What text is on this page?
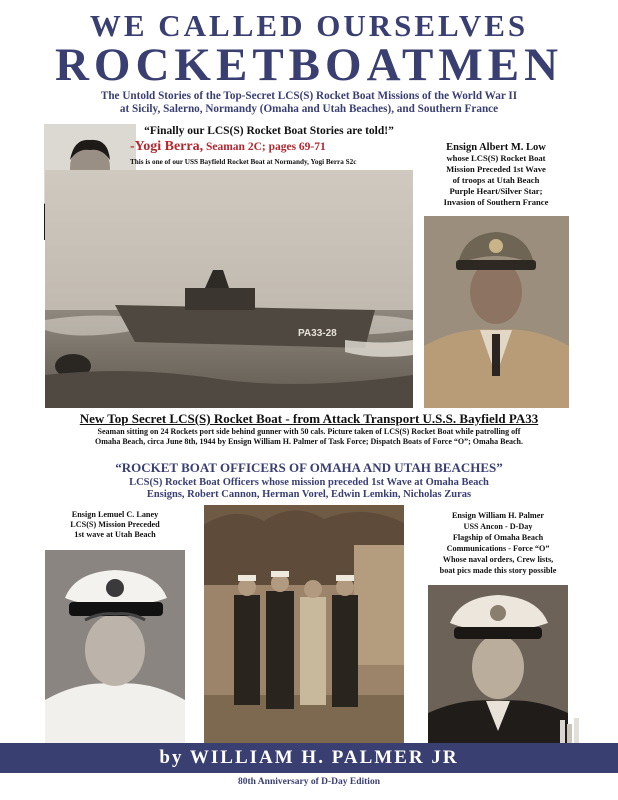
WE CALLED OURSELVES
ROCKETBOATMEN
The Untold Stories of the Top-Secret LCS(S) Rocket Boat Missions of the World War II
at Sicily, Salerno, Normandy (Omaha and Utah Beaches), and Southern France
“Finally our LCS(S) Rocket Boat Stories are told!”
-Yogi Berra, Seaman 2C; pages 69-71
This is one of our USS Bayfield Rocket Boat at Normandy, Yogi Berra S2c
PA33-28
Ensign Albert M. Low
whose LCS(S) Rocket Boat
Mission Preceded 1st Wave
of troops at Utah Beach
Purple Heart/Silver Star;
Invasion of Southern France
New Top Secret LCS(S) Rocket Boat - from Attack Transport U.S.S. Bayfield PA33
Seaman sitting on 24 Rockets port side behind gunner with 50 cals. Picture taken of LCS(S) Rocket Boat while patrolling off
Omaha Beach, circa June 8th, 1944 by Ensign William H. Palmer of Task Force; Dispatch Boats of Force “O”; Omaha Beach.
“ROCKET BOAT OFFICERS OF OMAHA AND UTAH BEACHES”
LCS(S) Rocket Boat Officers whose mission preceded 1st Wave at Omaha Beach
Ensigns, Robert Cannon, Herman Vorel, Edwin Lemkin, Nicholas Zuras
Ensign Lemuel C. Laney
LCS(S) Mission Preceded
1st wave at Utah Beach
Ensign William H. Palmer
USS Ancon - D-Day
Flagship of Omaha Beach
Communications - Force “O”
Whose naval orders, Crew lists,
boat pics made this story possible
by WILLIAM H. PALMER JR
80th Anniversary of D-Day Edition
